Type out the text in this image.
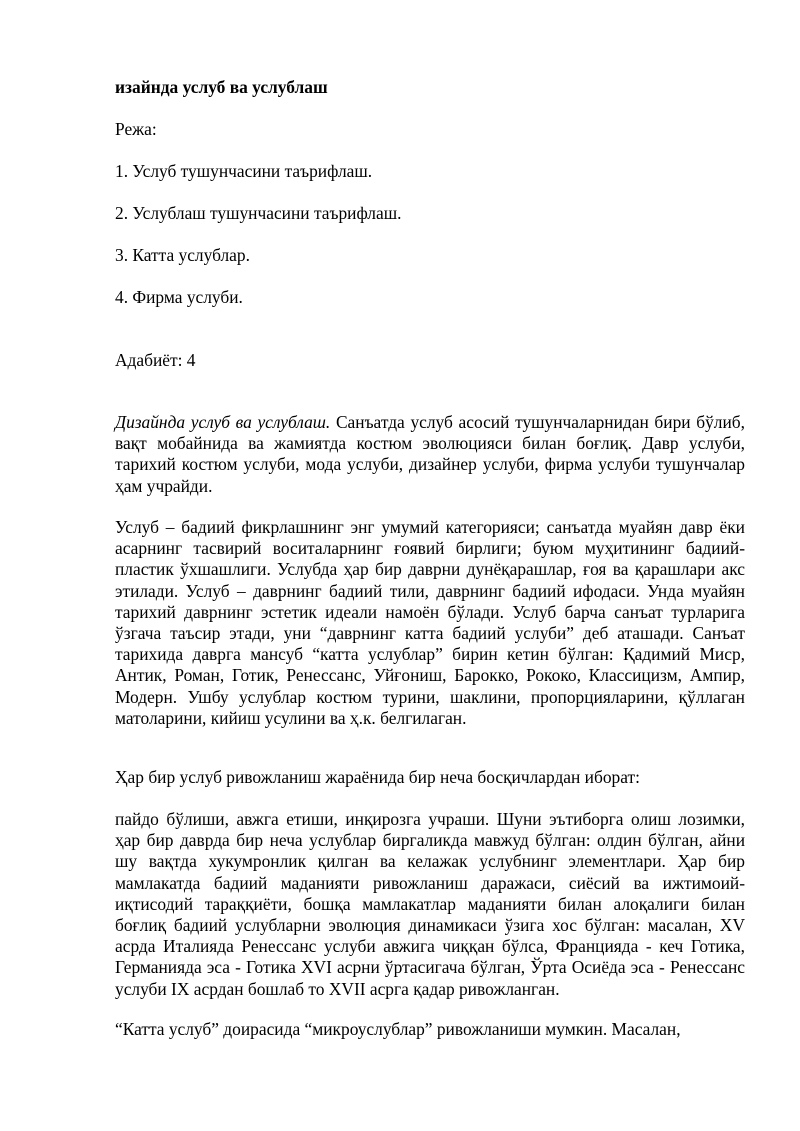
изайнда услуб ва услублаш
Режа:
1. Услуб тушунчасини таърифлаш.
2. Услублаш тушунчасини таърифлаш.
3. Катта услублар.
4. Фирма услуби.
Адабиёт: 4
Дизайнда услуб ва услублаш. Санъатда услуб асосий тушунчаларнидан бири бўлиб, вақт мобайнида ва жамиятда костюм эволюцияси билан боғлиқ. Давр услуби, тарихий костюм услуби, мода услуби, дизайнер услуби, фирма услуби тушунчалар ҳам учрайди.
Услуб – бадиий фикрлашнинг энг умумий категорияси; санъатда муайян давр ёки асарнинг тасвирий воситаларнинг ғоявий бирлиги; буюм муҳитининг бадиий-пластик ўхшашлиги. Услубда ҳар бир даврни дунёқарашлар, ғоя ва қарашлари акс этилади. Услуб – даврнинг бадиий тили, даврнинг бадиий ифодаси. Унда муайян тарихий даврнинг эстетик идеали намоён бўлади. Услуб барча санъат турларига ўзгача таъсир этади, уни “даврнинг катта бадиий услуби” деб аташади. Санъат тарихида даврга мансуб “катта услублар” бирин кетин бўлган: Қадимий Миср, Антик, Роман, Готик, Ренессанс, Уйғониш, Барокко, Рококо, Классицизм, Ампир, Модерн. Ушбу услублар костюм турини, шаклини, пропорцияларини, қўллаган матоларини, кийиш усулини ва ҳ.к. белгилаган.
Ҳар бир услуб ривожланиш жараёнида бир неча босқичлардан иборат:
пайдо бўлиши, авжга етиши, инқирозга учраши. Шуни эътиборга олиш лозимки, ҳар бир даврда бир неча услублар биргаликда мавжуд бўлган: олдин бўлган, айни шу вақтда хукумронлик қилган ва келажак услубнинг элементлари. Ҳар бир мамлакатда бадиий маданияти ривожланиш даражаси, сиёсий ва ижтимоий-иқтисодий тараққиёти, бошқа мамлакатлар маданияти билан алоқалиги билан боғлиқ бадиий услубларни эволюция динамикаси ўзига хос бўлган: масалан, XV асрда Италияда Ренессанс услуби авжига чиққан бўлса, Францияда - кеч Готика, Германияда эса - Готика XVI асрни ўртасигача бўлган, Ўрта Осиёда эса - Ренессанс услуби IX асрдан бошлаб то XVII асрга қадар ривожланган.
“Катта услуб” доирасида “микроуслублар” ривожланиши мумкин. Масалан,
